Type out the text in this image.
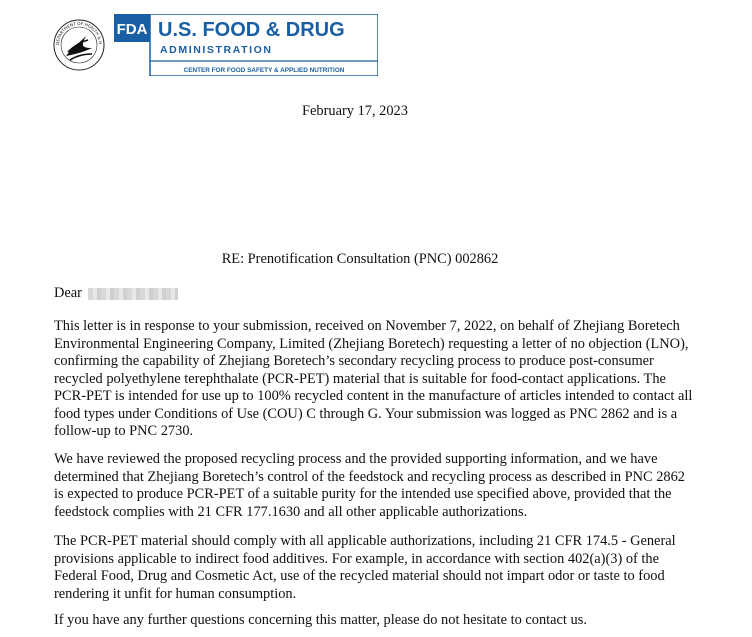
DEPARTMENT OF HEALTH & H
FDA U.S. FOOD & DRUG
ADMINISTRATION
CENTER FOR FOOD SAFETY & APPLIED NUTRITION
February 17, 2023
RE: Prenotification Consultation (PNC) 002862
Dear

This letter is in response to your submission, received on November 7, 2022, on behalf of Zhejiang Boretech Environmental Engineering Company, Limited (Zhejiang Boretech) requesting a letter of no objection (LNO), confirming the capability of Zhejiang Boretech’s secondary recycling process to produce post-consumer recycled polyethylene terephthalate (PCR-PET) material that is suitable for food-contact applications. The PCR-PET is intended for use up to 100% recycled content in the manufacture of articles intended to contact all food types under Conditions of Use (COU) C through G. Your submission was logged as PNC 2862 and is a follow-up to PNC 2730.

We have reviewed the proposed recycling process and the provided supporting information, and we have determined that Zhejiang Boretech’s control of the feedstock and recycling process as described in PNC 2862 is expected to produce PCR-PET of a suitable purity for the intended use specified above, provided that the feedstock complies with 21 CFR 177.1630 and all other applicable authorizations.

The PCR-PET material should comply with all applicable authorizations, including 21 CFR 174.5 - General provisions applicable to indirect food additives. For example, in accordance with section 402(a)(3) of the Federal Food, Drug and Cosmetic Act, use of the recycled material should not impart odor or taste to food rendering it unfit for human consumption.

If you have any further questions concerning this matter, please do not hesitate to contact us.
